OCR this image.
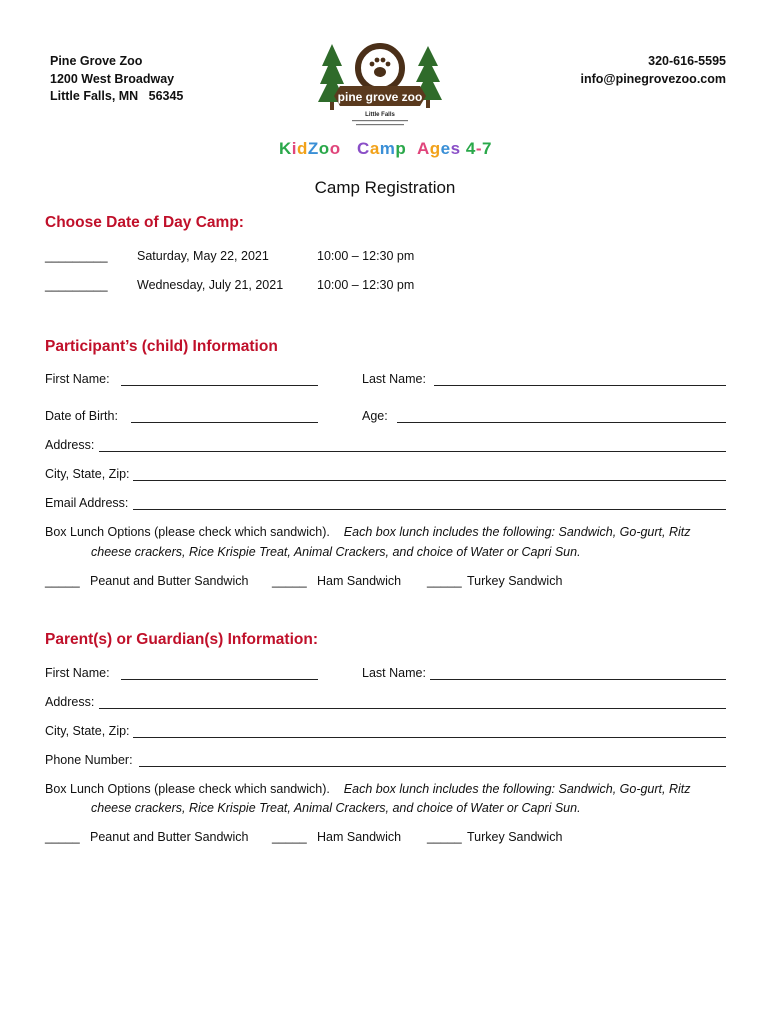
Pine Grove Zoo
1200 West Broadway
Little Falls, MN   56345	pine grove zoo
Little Falls
320-616-5595
info@pinegrovezoo.com
KidZoo Camp Ages 4-7
Camp Registration
Choose Date of Day Camp:
_________ Saturday, May 22, 2021	10:00 – 12:30 pm
_________ Wednesday, July 21, 2021	10:00 – 12:30 pm
Participant’s (child) Information
First Name:	Last Name:
Date of Birth:	Age:
Address:
City, State, Zip:
Email Address:
Box Lunch Options (please check which sandwich). Each box lunch includes the following: Sandwich, Go-gurt, Ritz
cheese crackers, Rice Krispie Treat, Animal Crackers, and choice of Water or Capri Sun.
_____ Peanut and Butter Sandwich _____ Ham Sandwich _____ Turkey Sandwich
Parent(s) or Guardian(s) Information:
First Name:	Last Name:
Address:
City, State, Zip:
Phone Number:
Box Lunch Options (please check which sandwich). Each box lunch includes the following: Sandwich, Go-gurt, Ritz
cheese crackers, Rice Krispie Treat, Animal Crackers, and choice of Water or Capri Sun.
_____ Peanut and Butter Sandwich _____ Ham Sandwich _____ Turkey Sandwich
